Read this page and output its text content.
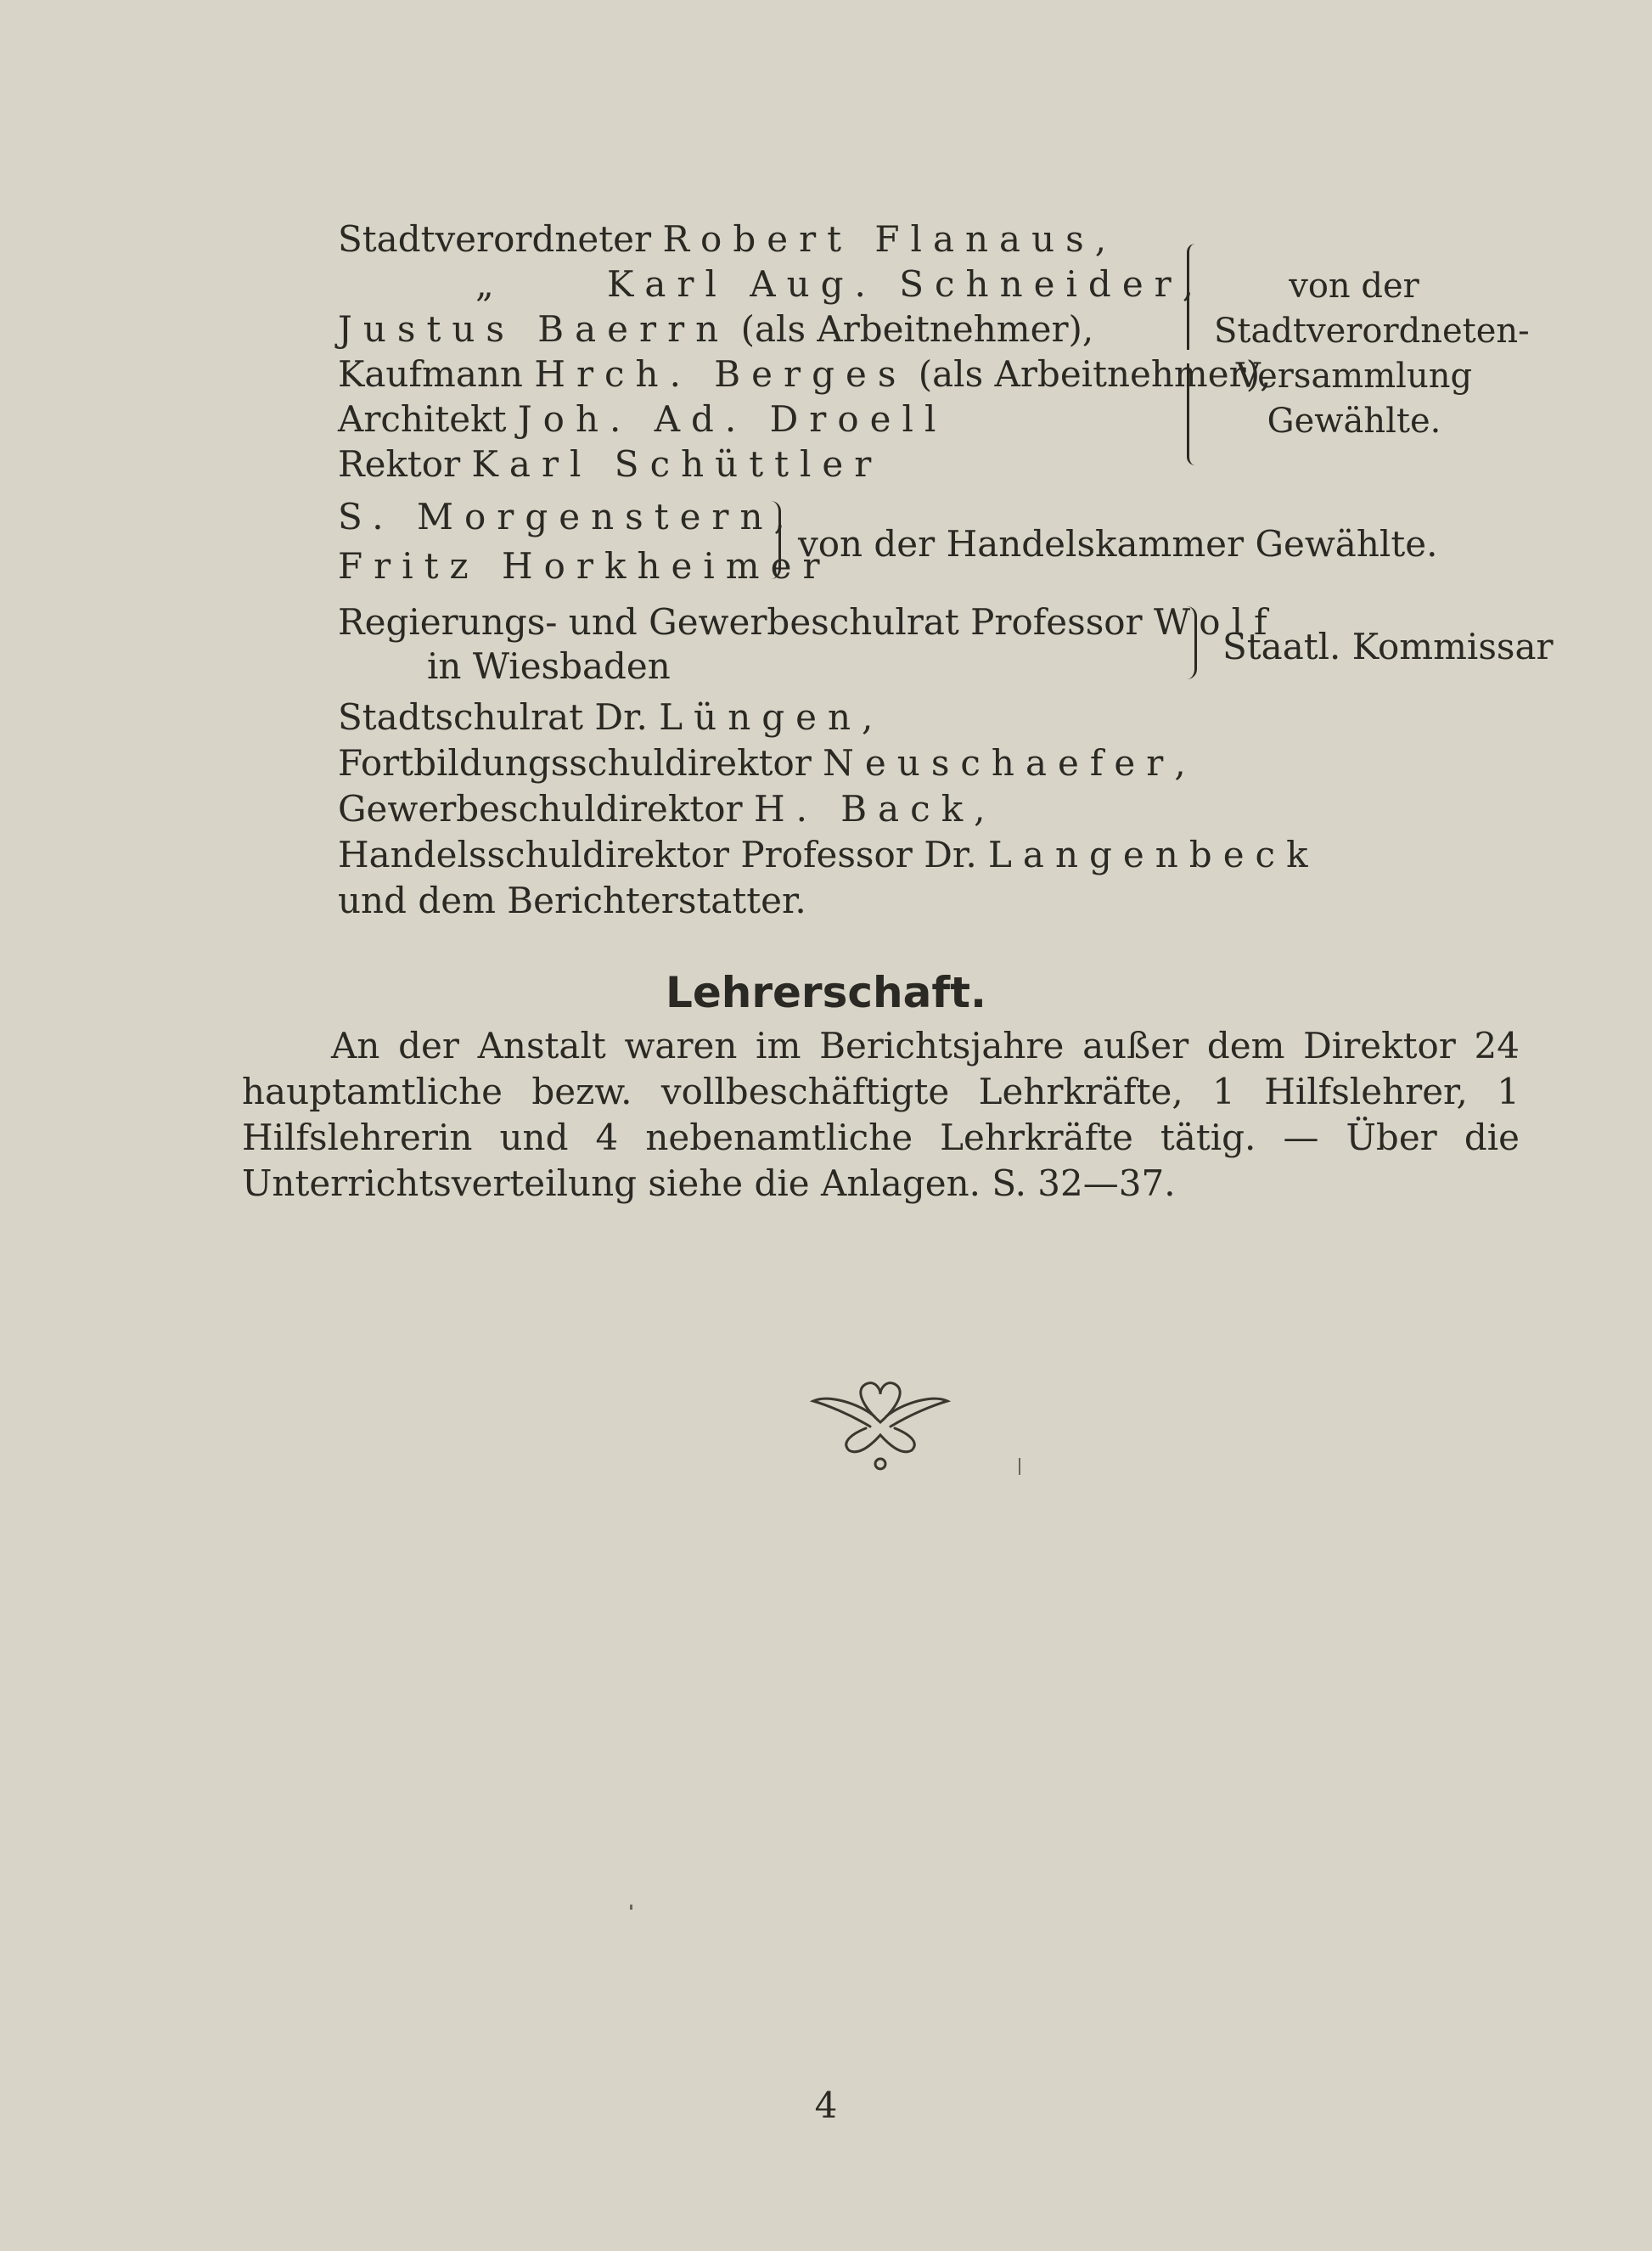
Stadtverordneter Robert Flanaus,
„	Karl Aug. Schneider,
Justus Baerrn (als Arbeitnehmer),
Kaufmann Hrch. Berges (als Arbeitnehmer),
Architekt Joh. Ad. Droell
Rektor Karl Schüttler
von der
Stadtverordneten-
Versammlung
Gewählte.
S. Morgenstern,
Fritz Horkheimer
von der Handelskammer Gewählte.
Regierungs- und Gewerbeschulrat Professor Wolf
in Wiesbaden	Staatl. Kommissar
Stadtschulrat Dr. Lüngen,
Fortbildungsschuldirektor Neuschaefer,
Gewerbeschuldirektor H. Back,
Handelsschuldirektor Professor Dr. Langenbeck
und dem Berichterstatter.
Lehrerschaft.
An der Anstalt waren im Berichtsjahre außer dem Direktor 24 hauptamtliche bezw. vollbeschäftigte Lehrkräfte, 1 Hilfslehrer, 1 Hilfslehrerin und 4 nebenamtliche Lehrkräfte tätig. — Über die Unterrichtsverteilung siehe die Anlagen. S. 32—37.
4
